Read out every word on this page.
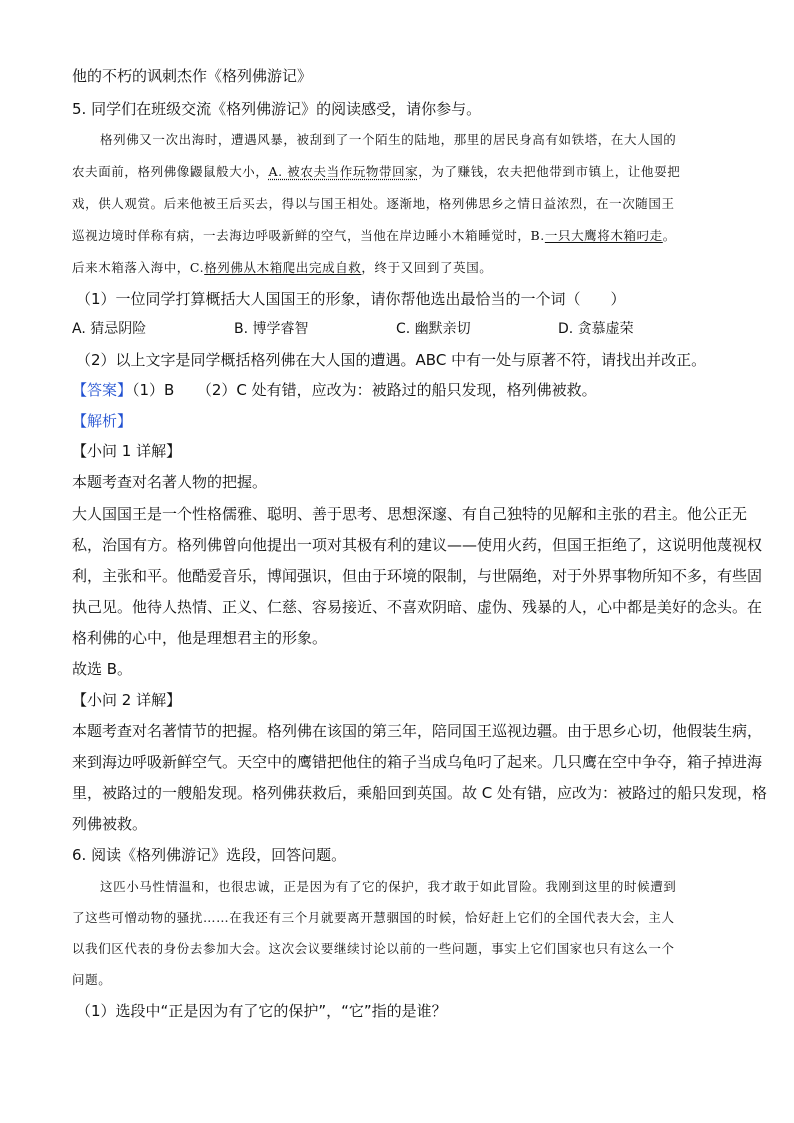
他的不朽的讽刺杰作《格列佛游记》
5. 同学们在班级交流《格列佛游记》的阅读感受，请你参与。
格列佛又一次出海时，遭遇风暴，被刮到了一个陌生的陆地，那里的居民身高有如铁塔，在大人国的
农夫面前，格列佛像鼹鼠般大小，A. 被农夫当作玩物带回家，为了赚钱，农夫把他带到市镇上，让他耍把
戏，供人观赏。后来他被王后买去，得以与国王相处。逐渐地，格列佛思乡之情日益浓烈，在一次随国王
巡视边境时佯称有病，一去海边呼吸新鲜的空气，当他在岸边睡小木箱睡觉时，B.一只大鹰将木箱叼走。
后来木箱落入海中，C.格列佛从木箱爬出完成自救，终于又回到了英国。
（1）一位同学打算概括大人国国王的形象，请你帮他选出最恰当的一个词（　　）
A. 猜忌阴险	B. 博学睿智	C. 幽默亲切	D. 贪慕虚荣
（2）以上文字是同学概括格列佛在大人国的遭遇。ABC 中有一处与原著不符，请找出并改正。
【答案】（1）B　　（2）C 处有错，应改为：被路过的船只发现，格列佛被救。
【解析】
【小问 1 详解】
本题考查对名著人物的把握。
大人国国王是一个性格儒雅、聪明、善于思考、思想深邃、有自己独特的见解和主张的君主。他公正无
私，治国有方。格列佛曾向他提出一项对其极有利的建议——使用火药，但国王拒绝了，这说明他蔑视权
利，主张和平。他酷爱音乐，博闻强识，但由于环境的限制，与世隔绝，对于外界事物所知不多，有些固
执己见。他待人热情、正义、仁慈、容易接近、不喜欢阴暗、虚伪、残暴的人，心中都是美好的念头。在
格利佛的心中，他是理想君主的形象。
故选 B。
【小问 2 详解】
本题考查对名著情节的把握。格列佛在该国的第三年，陪同国王巡视边疆。由于思乡心切，他假装生病，
来到海边呼吸新鲜空气。天空中的鹰错把他住的箱子当成乌龟叼了起来。几只鹰在空中争夺，箱子掉进海
里，被路过的一艘船发现。格列佛获救后，乘船回到英国。故 C 处有错，应改为：被路过的船只发现，格
列佛被救。
6. 阅读《格列佛游记》选段，回答问题。
这匹小马性情温和，也很忠诚，正是因为有了它的保护，我才敢于如此冒险。我刚到这里的时候遭到
了这些可憎动物的骚扰……在我还有三个月就要离开慧骃国的时候，恰好赶上它们的全国代表大会，主人
以我们区代表的身份去参加大会。这次会议要继续讨论以前的一些问题，事实上它们国家也只有这么一个
问题。
（1）选段中“正是因为有了它的保护”，“它”指的是谁？
